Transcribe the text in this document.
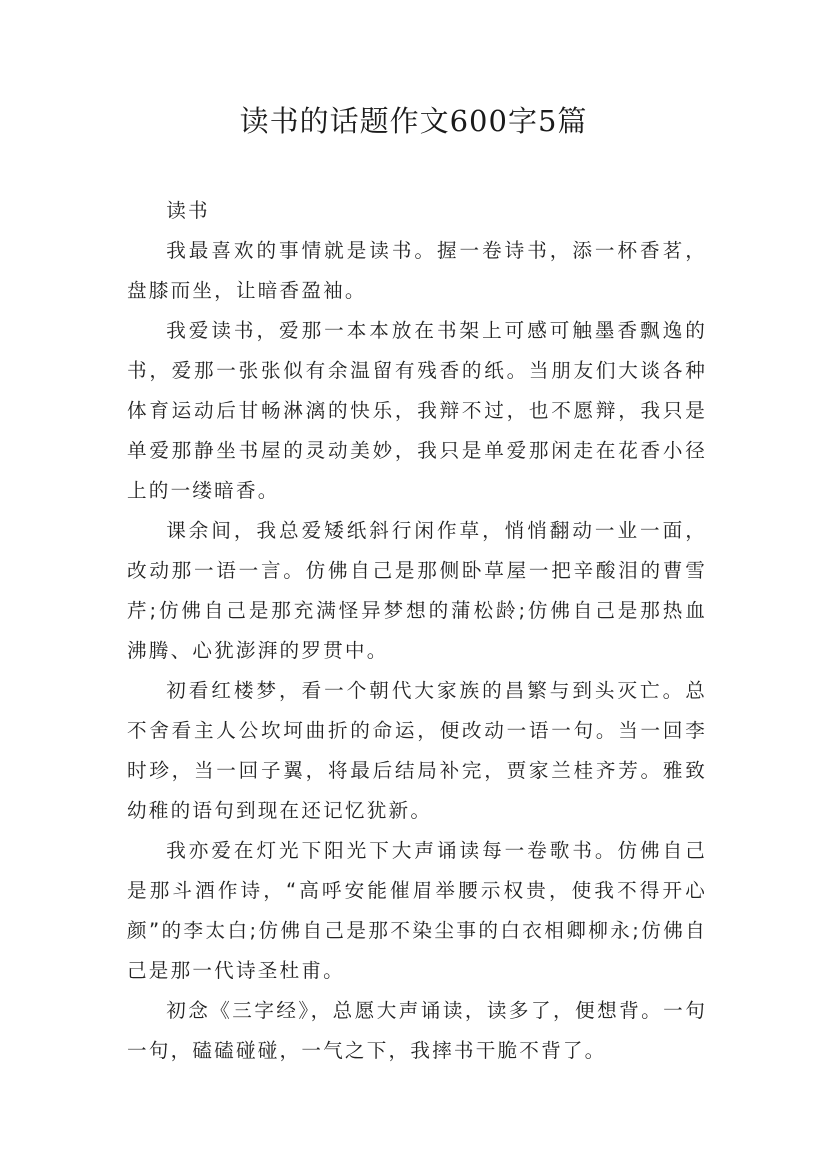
读书的话题作文600字5篇

读书

我最喜欢的事情就是读书。握一卷诗书，添一杯香茗，盘膝而坐，让暗香盈袖。

我爱读书，爱那一本本放在书架上可感可触墨香飘逸的书，爱那一张张似有余温留有残香的纸。当朋友们大谈各种体育运动后甘畅淋漓的快乐，我辩不过，也不愿辩，我只是单爱那静坐书屋的灵动美妙，我只是单爱那闲走在花香小径上的一缕暗香。

课余间，我总爱矮纸斜行闲作草，悄悄翻动一业一面，改动那一语一言。仿佛自己是那侧卧草屋一把辛酸泪的曹雪芹;仿佛自己是那充满怪异梦想的蒲松龄;仿佛自己是那热血沸腾、心犹澎湃的罗贯中。

初看红楼梦，看一个朝代大家族的昌繁与到头灭亡。总不舍看主人公坎坷曲折的命运，便改动一语一句。当一回李时珍，当一回子翼，将最后结局补完，贾家兰桂齐芳。雅致幼稚的语句到现在还记忆犹新。

我亦爱在灯光下阳光下大声诵读每一卷歌书。仿佛自己是那斗酒作诗，“高呼安能催眉举腰示权贵，使我不得开心颜”的李太白;仿佛自己是那不染尘事的白衣相卿柳永;仿佛自己是那一代诗圣杜甫。

初念《三字经》，总愿大声诵读，读多了，便想背。一句一句，磕磕碰碰，一气之下，我摔书干脆不背了。
